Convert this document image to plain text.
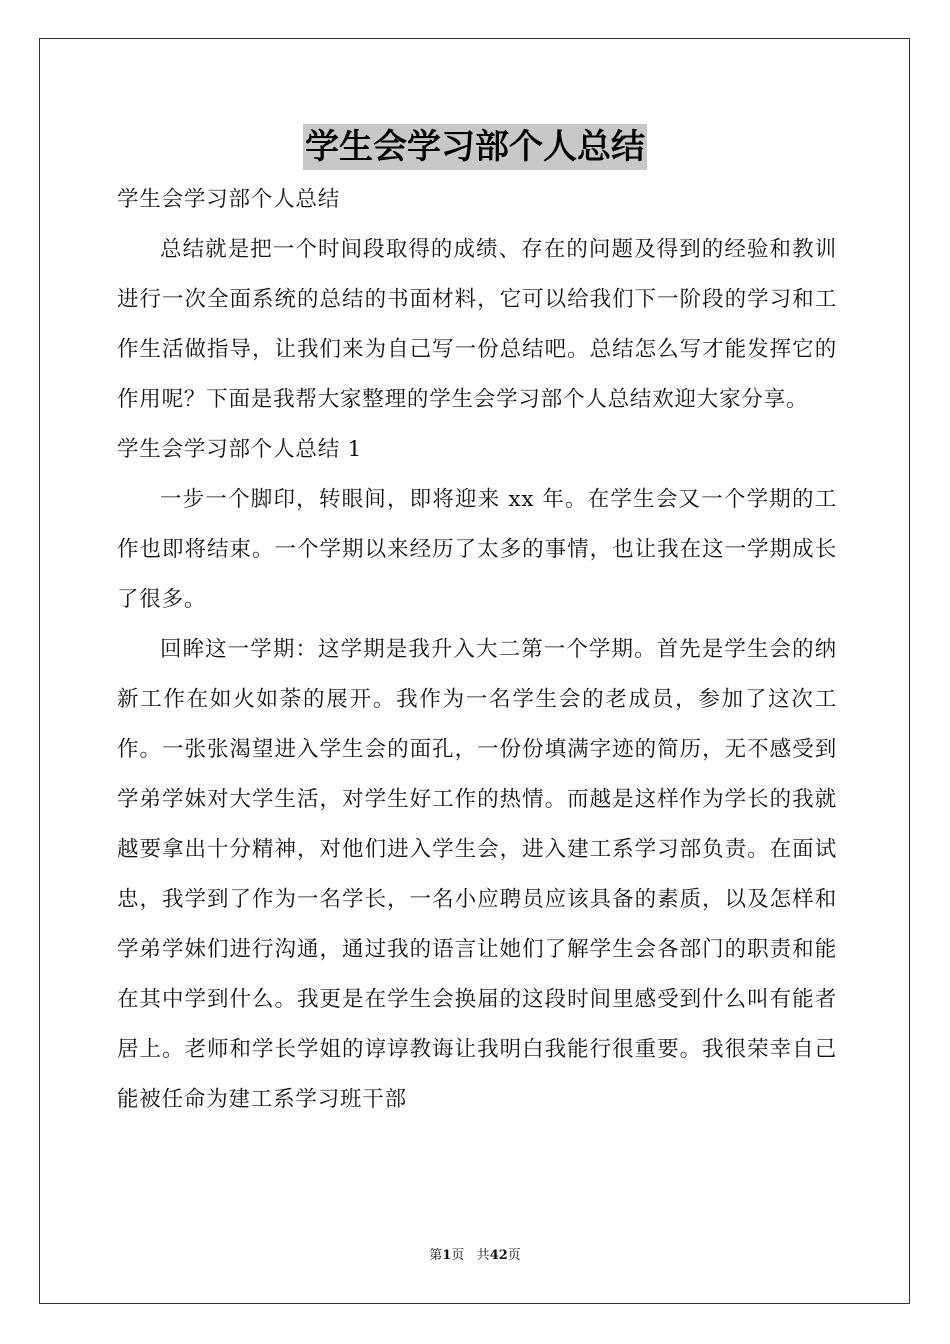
学生会学习部个人总结

学生会学习部个人总结

总结就是把一个时间段取得的成绩、存在的问题及得到的经验和教训进行一次全面系统的总结的书面材料，它可以给我们下一阶段的学习和工作生活做指导，让我们来为自己写一份总结吧。总结怎么写才能发挥它的作用呢？下面是我帮大家整理的学生会学习部个人总结欢迎大家分享。

学生会学习部个人总结 1

一步一个脚印，转眼间，即将迎来 xx 年。在学生会又一个学期的工作也即将结束。一个学期以来经历了太多的事情，也让我在这一学期成长了很多。

回眸这一学期：这学期是我升入大二第一个学期。首先是学生会的纳新工作在如火如荼的展开。我作为一名学生会的老成员，参加了这次工作。一张张渴望进入学生会的面孔，一份份填满字迹的简历，无不感受到学弟学妹对大学生活，对学生好工作的热情。而越是这样作为学长的我就越要拿出十分精神，对他们进入学生会，进入建工系学习部负责。在面试忠，我学到了作为一名学长，一名小应聘员应该具备的素质，以及怎样和学弟学妹们进行沟通，通过我的语言让她们了解学生会各部门的职责和能在其中学到什么。我更是在学生会换届的这段时间里感受到什么叫有能者居上。老师和学长学姐的谆谆教诲让我明白我能行很重要。我很荣幸自己能被任命为建工系学习班干部

第1页 共42页
